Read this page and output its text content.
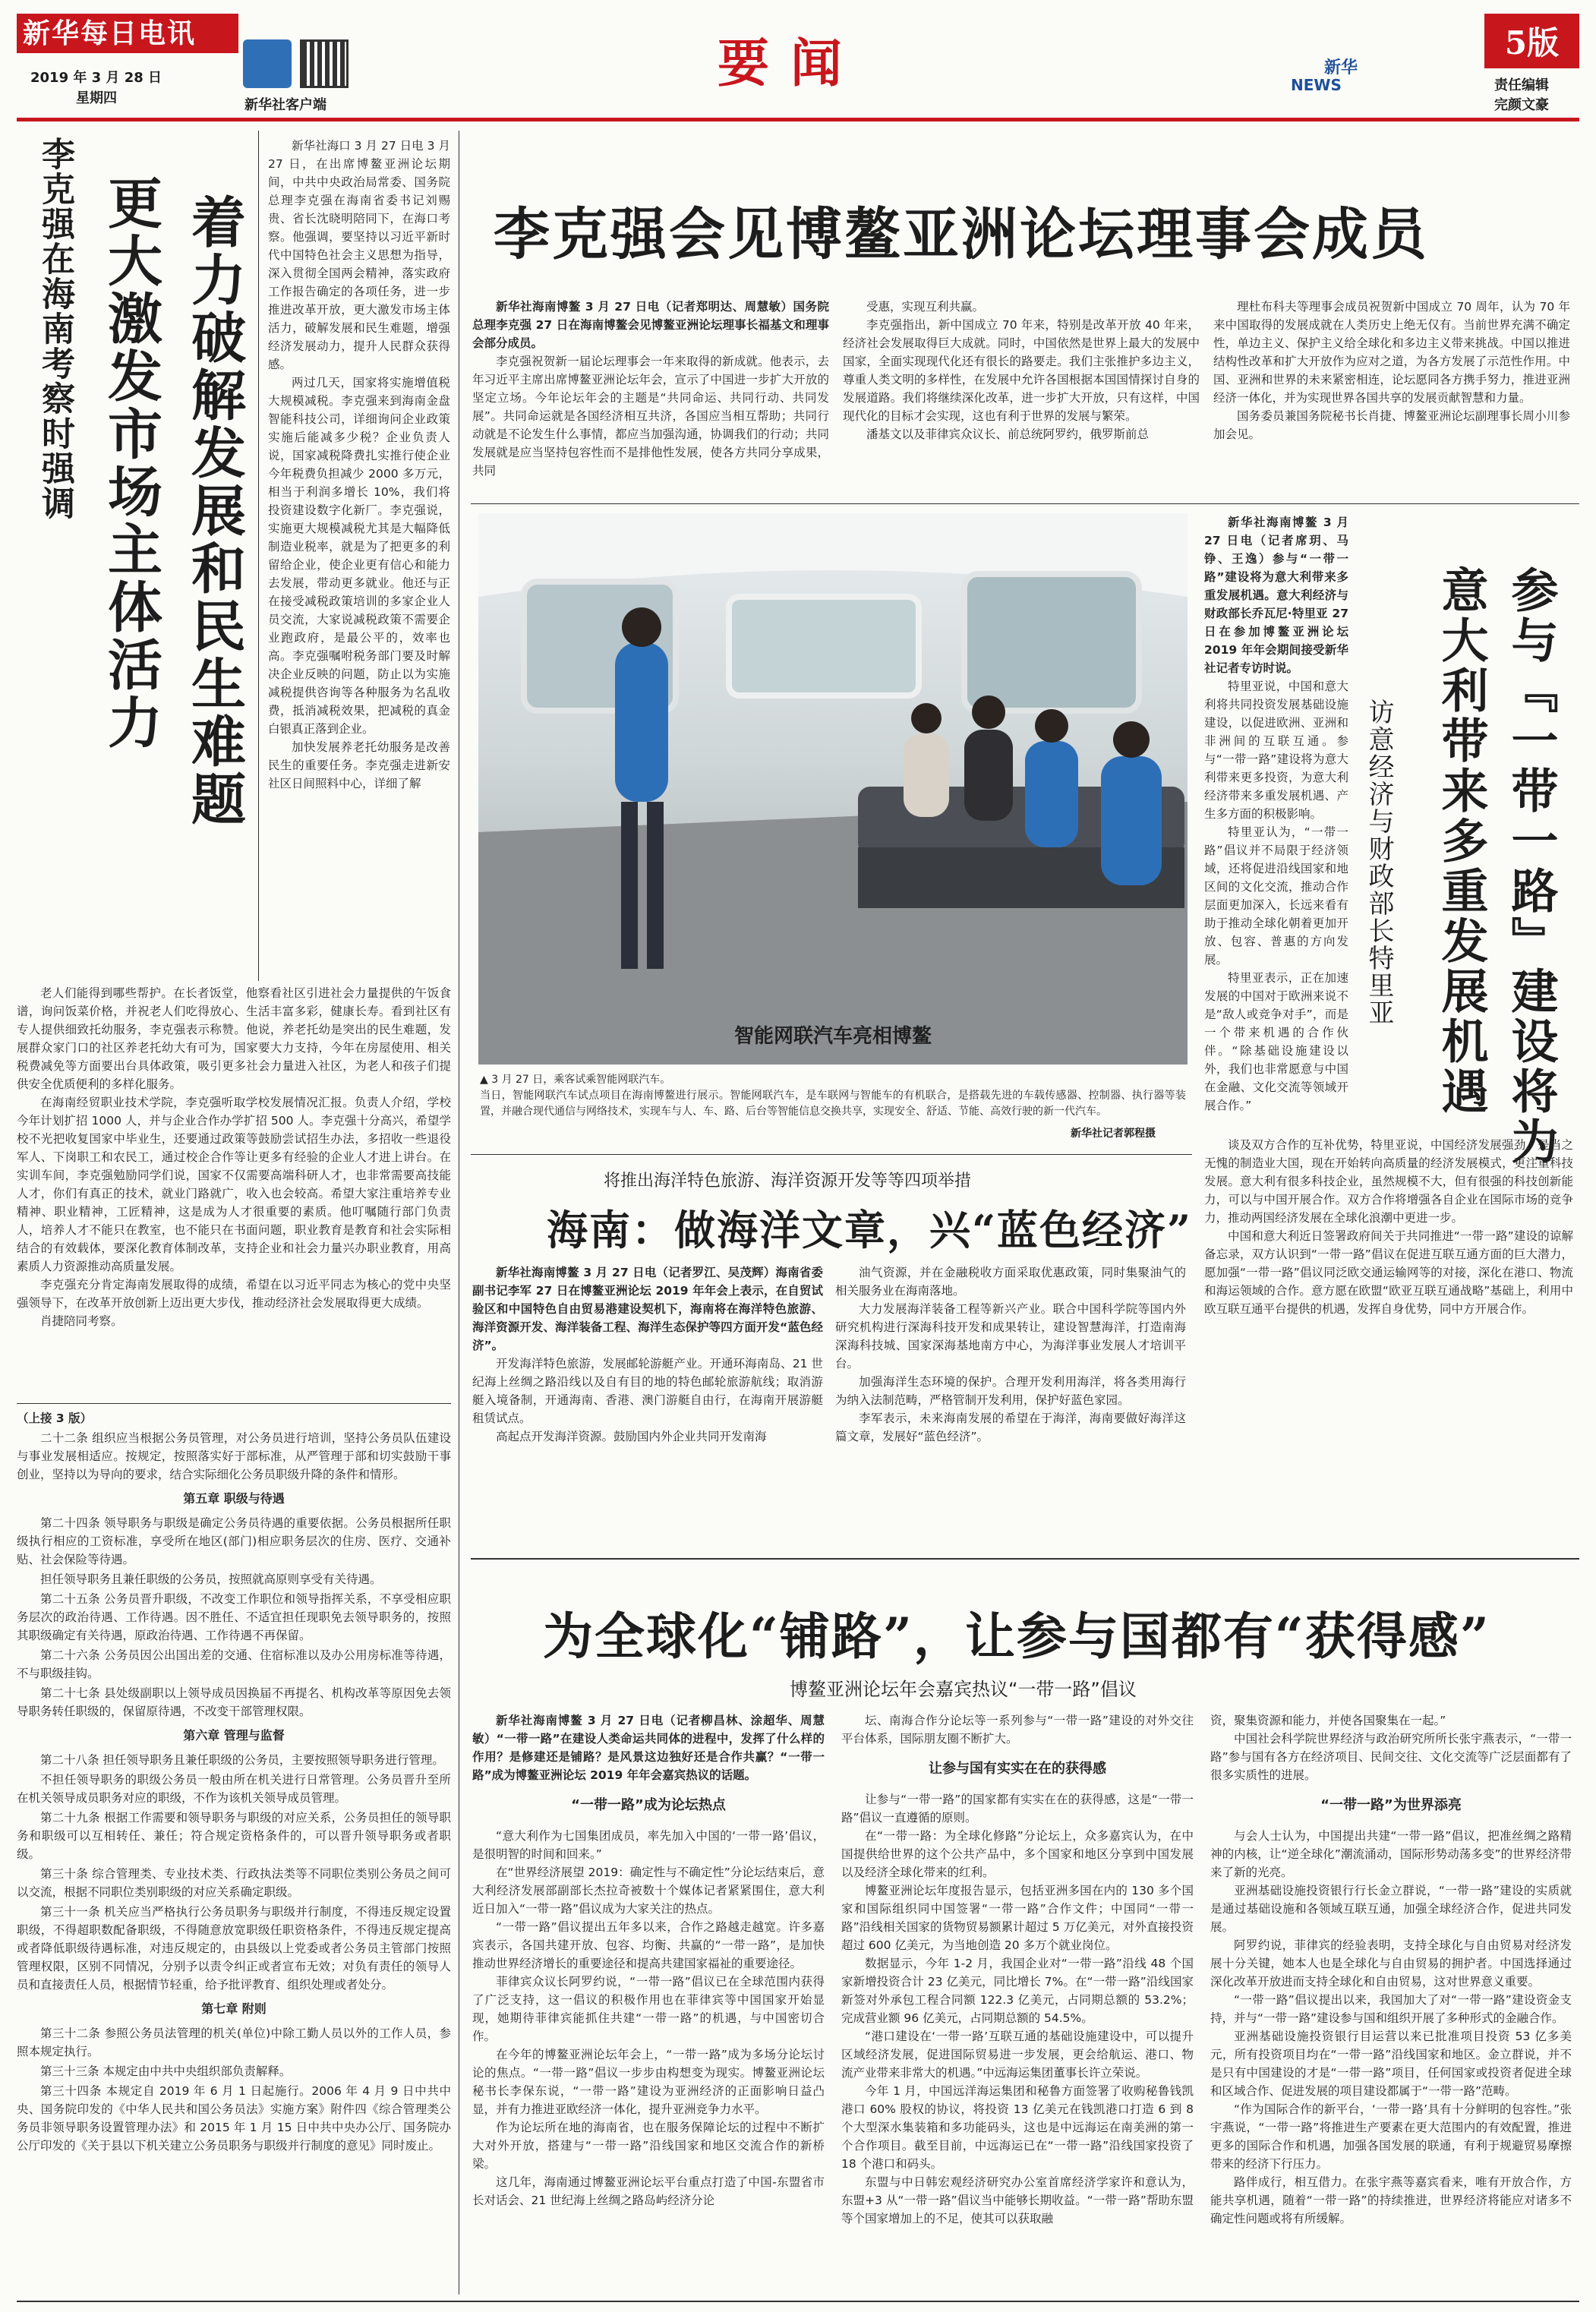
新华每日电讯
2019 年 3 月 28 日
星期四	新华社客户端
要闻	新华
NEWS
5版
责任编辑
完颜文豪
李克强在海南考察时强调 更大激发市场主体活力 着力破解发展和民生难题

新华社海口 3 月 27 日电 3 月 27 日，在出席博鳌亚洲论坛期间，中共中央政治局常委、国务院总理李克强在海南省委书记刘赐贵、省长沈晓明陪同下，在海口考察。他强调，要坚持以习近平新时代中国特色社会主义思想为指导，深入贯彻全国两会精神，落实政府工作报告确定的各项任务，进一步推进改革开放，更大激发市场主体活力，破解发展和民生难题，增强经济发展动力，提升人民群众获得感。

两过几天，国家将实施增值税大规模减税。李克强来到海南金盘智能科技公司，详细询问企业政策实施后能减多少税？企业负责人说，国家减税降费扎实推行使企业今年税费负担减少 2000 多万元，相当于利润多增长 10%，我们将投资建设数字化新厂。李克强说，实施更大规模减税尤其是大幅降低制造业税率，就是为了把更多的利留给企业，使企业更有信心和能力去发展，带动更多就业。他还与正在接受减税政策培训的多家企业人员交流，大家说减税政策不需要企业跑政府，是最公平的，效率也高。李克强嘱咐税务部门要及时解决企业反映的问题，防止以为实施减税提供咨询等各种服务为名乱收费，抵消减税效果，把减税的真金白银真正落到企业。

加快发展养老托幼服务是改善民生的重要任务。李克强走进新安社区日间照料中心，详细了解

老人们能得到哪些帮护。在长者饭堂，他察看社区引进社会力量提供的午饭食谱，询问饭菜价格，并祝老人们吃得放心、生活丰富多彩，健康长寿。看到社区有专人提供细致托幼服务，李克强表示称赞。他说，养老托幼是突出的民生难题，发展群众家门口的社区养老托幼大有可为，国家要大力支持，今年在房屋使用、相关税费减免等方面要出台具体政策，吸引更多社会力量进入社区，为老人和孩子们提供安全优质便利的多样化服务。

在海南经贸职业技术学院，李克强听取学校发展情况汇报。负责人介绍，学校今年计划扩招 1000 人，并与企业合作办学扩招 500 人。李克强十分高兴，希望学校不光把收复国家中毕业生，还要通过政策等鼓励尝试招生办法，多招收一些退役军人、下岗职工和农民工，通过校企合作等让更多有经验的企业人才进上讲台。在实训车间，李克强勉励同学们说，国家不仅需要高端科研人才，也非常需要高技能人才，你们有真正的技术，就业门路就广，收入也会较高。希望大家注重培养专业精神、职业精神，工匠精神，这是成为人才很重要的素质。他叮嘱随行部门负责人，培养人才不能只在教室，也不能只在书面问题，职业教育是教育和社会实际相结合的有效载体，要深化教育体制改革，支持企业和社会力量兴办职业教育，用高素质人力资源推动高质量发展。

李克强充分肯定海南发展取得的成绩，希望在以习近平同志为核心的党中央坚强领导下，在改革开放创新上迈出更大步伐，推动经济社会发展取得更大成绩。

肖捷陪同考察。

（上接 3 版）

二十二条 组织应当根据公务员管理，对公务员进行培训，坚持公务员队伍建设与事业发展相适应。按规定，按照落实好于部标准，从严管理于部和切实鼓励干事创业，坚持以为导向的要求，结合实际细化公务员职级升降的条件和情形。

第五章 职级与待遇

第二十四条 领导职务与职级是确定公务员待遇的重要依据。公务员根据所任职级执行相应的工资标准，享受所在地区(部门)相应职务层次的住房、医疗、交通补贴、社会保险等待遇。

担任领导职务且兼任职级的公务员，按照就高原则享受有关待遇。

第二十五条 公务员晋升职级，不改变工作职位和领导指挥关系，不享受相应职务层次的政治待遇、工作待遇。因不胜任、不适宜担任现职免去领导职务的，按照其职级确定有关待遇，原政治待遇、工作待遇不再保留。

第二十六条 公务员因公出国出差的交通、住宿标准以及办公用房标准等待遇，不与职级挂钩。

第二十七条 县处级副职以上领导成员因换届不再提名、机构改革等原因免去领导职务转任职级的，保留原待遇，不改变干部管理权限。

第六章 管理与监督

第二十八条 担任领导职务且兼任职级的公务员，主要按照领导职务进行管理。

不担任领导职务的职级公务员一般由所在机关进行日常管理。公务员晋升至所在机关领导成员职务对应的职级，不作为该机关领导成员管理。

第二十九条 根据工作需要和领导职务与职级的对应关系，公务员担任的领导职务和职级可以互相转任、兼任；符合规定资格条件的，可以晋升领导职务或者职级。

第三十条 综合管理类、专业技术类、行政执法类等不同职位类别公务员之间可以交流，根据不同职位类别职级的对应关系确定职级。

第三十一条 机关应当严格执行公务员职务与职级并行制度，不得违反规定设置职级，不得超职数配备职级，不得随意放宽职级任职资格条件，不得违反规定提高或者降低职级待遇标准，对违反规定的，由县级以上党委或者公务员主管部门按照管理权限，区别不同情况，分别予以责令纠正或者宣布无效；对负有责任的领导人员和直接责任人员，根据情节轻重，给予批评教育、组织处理或者处分。

第七章 附则

第三十二条 参照公务员法管理的机关(单位)中除工勤人员以外的工作人员，参照本规定执行。

第三十三条 本规定由中共中央组织部负责解释。

第三十四条 本规定自 2019 年 6 月 1 日起施行。2006 年 4 月 9 日中共中央、国务院印发的《中华人民共和国公务员法》实施方案》附件四《综合管理类公务员非领导职务设置管理办法》和 2015 年 1 月 15 日中共中央办公厅、国务院办公厅印发的《关于县以下机关建立公务员职务与职级并行制度的意见》同时废止。

李克强会见博鳌亚洲论坛理事会成员

新华社海南博鳌 3 月 27 日电（记者郑明达、周慧敏）国务院总理李克强 27 日在海南博鳌会见博鳌亚洲论坛理事长福基文和理事会部分成员。

李克强祝贺新一届论坛理事会一年来取得的新成就。他表示，去年习近平主席出席博鳌亚洲论坛年会，宣示了中国进一步扩大开放的坚定立场。今年论坛年会的主题是“共同命运、共同行动、共同发展”。共同命运就是各国经济相互共济，各国应当相互帮助；共同行动就是不论发生什么事情，都应当加强沟通，协调我们的行动；共同发展就是应当坚持包容性而不是排他性发展，使各方共同分享成果，共同

受惠，实现互利共赢。

李克强指出，新中国成立 70 年来，特别是改革开放 40 年来，经济社会发展取得巨大成就。同时，中国依然是世界上最大的发展中国家，全面实现现代化还有很长的路要走。我们主张推护多边主义，尊重人类文明的多样性，在发展中允许各国根据本国国情探讨自身的发展道路。我们将继续深化改革，进一步扩大开放，只有这样，中国现代化的目标才会实现，这也有利于世界的发展与繁荣。

潘基文以及菲律宾众议长、前总统阿罗约，俄罗斯前总

理杜布科夫等理事会成员祝贺新中国成立 70 周年，认为 70 年来中国取得的发展成就在人类历史上绝无仅有。当前世界充满不确定性，单边主义、保护主义给全球化和多边主义带来挑战。中国以推进结构性改革和扩大开放作为应对之道，为各方发展了示范性作用。中国、亚洲和世界的未来紧密相连，论坛愿同各方携手努力，推进亚洲经济一体化，并为实现世界各国共享的发展贡献智慧和力量。

国务委员兼国务院秘书长肖捷、博鳌亚洲论坛副理事长周小川参加会见。

智能网联汽车亮相博鳌

▲ 3 月 27 日，乘客试乘智能网联汽车。
当日，智能网联汽车试点项目在海南博鳌进行展示。智能网联汽车，是车联网与智能车的有机联合，是搭载先进的车载传感器、控制器、执行器等装置，并融合现代通信与网络技术，实现车与人、车、路、后台等智能信息交换共享，实现安全、舒适、节能、高效行驶的新一代汽车。

新华社记者郭程摄

新华社海南博鳌 3 月 27 日电（记者席玥、马铮、王逸）参与“一带一路”建设将为意大利带来多重发展机遇。意大利经济与财政部长乔瓦尼·特里亚 27 日在参加博鳌亚洲论坛 2019 年年会期间接受新华社记者专访时说。

特里亚说，中国和意大利将共同投资发展基础设施建设，以促进欧洲、亚洲和非洲间的互联互通。参与“一带一路”建设将为意大利带来更多投资，为意大利经济带来多重发展机遇、产生多方面的积极影响。

特里亚认为，“一带一路”倡议并不局限于经济领域，还将促进沿线国家和地区间的文化交流，推动合作层面更加深入，长远来看有助于推动全球化朝着更加开放、包容、普惠的方向发展。

特里亚表示，正在加速发展的中国对于欧洲来说不是“敌人或竞争对手”，而是一个带来机遇的合作伙伴。“除基础设施建设以外，我们也非常愿意与中国在金融、文化交流等领域开展合作。”

访意经济与财政部长特里亚	参与『一带一路』建设将为意大利带来多重发展机遇

谈及双方合作的互补优势，特里亚说，中国经济发展强劲，是当之无愧的制造业大国，现在开始转向高质量的经济发展模式，更注重科技发展。意大利有很多科技企业，虽然规模不大，但有很强的科技创新能力，可以与中国开展合作。双方合作将增强各自企业在国际市场的竞争力，推动两国经济发展在全球化浪潮中更进一步。

中国和意大利近日签署政府间关于共同推进“一带一路”建设的谅解备忘录，双方认识到“一带一路”倡议在促进互联互通方面的巨大潜力，愿加强“一带一路”倡议同泛欧交通运输网等的对接，深化在港口、物流和海运领域的合作。意方愿在欧盟“欧亚互联互通战略”基础上，利用中欧互联互通平台提供的机遇，发挥自身优势，同中方开展合作。

将推出海洋特色旅游、海洋资源开发等等四项举措
海南：做海洋文章，兴“蓝色经济”

新华社海南博鳌 3 月 27 日电（记者罗江、吴茂辉）海南省委副书记李军 27 日在博鳌亚洲论坛 2019 年年会上表示，在自贸试验区和中国特色自由贸易港建设契机下，海南将在海洋特色旅游、海洋资源开发、海洋装备工程、海洋生态保护等四方面开发“蓝色经济”。

开发海洋特色旅游，发展邮轮游艇产业。开通环海南岛、21 世纪海上丝绸之路沿线以及自有目的地的特色邮轮旅游航线；取消游艇入境备制，开通海南、香港、澳门游艇自由行，在海南开展游艇租赁试点。

高起点开发海洋资源。鼓励国内外企业共同开发南海

油气资源，并在金融税收方面采取优惠政策，同时集聚油气的相关服务业在海南落地。

大力发展海洋装备工程等新兴产业。联合中国科学院等国内外研究机构进行深海科技开发和成果转让，建设智慧海洋，打造南海深海科技城、国家深海基地南方中心，为海洋事业发展人才培训平台。

加强海洋生态环境的保护。合理开发利用海洋，将各类用海行为纳入法制范畴，严格管制开发利用，保护好蓝色家园。

李军表示，未来海南发展的希望在于海洋，海南要做好海洋这篇文章，发展好“蓝色经济”。

为全球化“铺路”，让参与国都有“获得感”
博鳌亚洲论坛年会嘉宾热议“一带一路”倡议

新华社海南博鳌 3 月 27 日电（记者柳昌林、涂超华、周慧敏）“一带一路”在建设人类命运共同体的进程中，发挥了什么样的作用？是修建还是铺路？是风景这边独好还是合作共赢？“一带一路”成为博鳌亚洲论坛 2019 年年会嘉宾热议的话题。

“一带一路”成为论坛热点

“意大利作为七国集团成员，率先加入中国的‘一带一路’倡议，是很明智的时间和回来。”

在“世界经济展望 2019：确定性与不确定性”分论坛结束后，意大利经济发展部副部长杰拉奇被数十个媒体记者紧紧围住，意大利近日加入“一带一路”倡议成为大家关注的热点。

“一带一路”倡议提出五年多以来，合作之路越走越宽。许多嘉宾表示，各国共建开放、包容、均衡、共赢的“一带一路”，是加快推动世界经济增长的重要途径和提高共建国家福祉的重要途径。

菲律宾众议长阿罗约说，“一带一路”倡议已在全球范围内获得了广泛支持，这一倡议的积极作用也在菲律宾等中国国家开始显现，她期待菲律宾能抓住共建“一带一路”的机遇，与中国密切合作。

在今年的博鳌亚洲论坛年会上，“一带一路”成为多场分论坛讨论的焦点。“一带一路”倡议一步步由构想变为现实。博鳌亚洲论坛秘书长李保东说，“一带一路”建设为亚洲经济的正面影响日益凸显，并有力推进亚欧经济一体化，提升亚洲竞争力水平。

作为论坛所在地的海南省，也在服务保障论坛的过程中不断扩大对外开放，搭建与“一带一路”沿线国家和地区交流合作的新桥梁。

这几年，海南通过博鳌亚洲论坛平台重点打造了中国-东盟省市长对话会、21 世纪海上丝绸之路岛屿经济分论

坛、南海合作分论坛等一系列参与“一带一路”建设的对外交往平台体系，国际朋友圈不断扩大。

让参与国有实实在在的获得感

让参与“一带一路”的国家都有实实在在的获得感，这是“一带一路”倡议一直遵循的原则。

在“一带一路：为全球化修路”分论坛上，众多嘉宾认为，在中国提供给世界的这个公共产品中，多个国家和地区分享到中国发展以及经济全球化带来的红利。

博鳌亚洲论坛年度报告显示，包括亚洲多国在内的 130 多个国家和国际组织同中国签署“一带一路”合作文件；中国同“一带一路”沿线相关国家的货物贸易额累计超过 5 万亿美元，对外直接投资超过 600 亿美元，为当地创造 20 多万个就业岗位。

数据显示，今年 1-2 月，我国企业对“一带一路”沿线 48 个国家新增投资合计 23 亿美元，同比增长 7%。在“一带一路”沿线国家新签对外承包工程合同额 122.3 亿美元，占同期总额的 53.2%；完成营业额 96 亿美元，占同期总额的 54.5%。

“港口建设在‘一带一路’互联互通的基础设施建设中，可以提升区域经济发展，促进国际贸易进一步发展，更会给航运、港口、物流产业带来非常大的机遇。”中远海运集团董事长许立荣说。

今年 1 月，中国远洋海运集团和秘鲁方面签署了收购秘鲁钱凯港口 60% 股权的协议，将投资 13 亿美元在钱凯港口打造 6 到 8 个大型深水集装箱和多功能码头，这也是中远海运在南美洲的第一个合作项目。截至目前，中远海运已在“一带一路”沿线国家投资了 18 个港口和码头。

东盟与中日韩宏观经济研究办公室首席经济学家许和意认为，东盟+3 从“一带一路”倡议当中能够长期收益。“一带一路”帮助东盟等个国家增加上的不足，使其可以获取融

资，聚集资源和能力，并使各国聚集在一起。”

中国社会科学院世界经济与政治研究所所长张宇燕表示，“一带一路”参与国有各方在经济项目、民间交往、文化交流等广泛层面都有了很多实质性的进展。

“一带一路”为世界添亮

与会人士认为，中国提出共建“一带一路”倡议，把准丝绸之路精神的内核，让“逆全球化”潮流涌动，国际形势动荡多变”的世界经济带来了新的光亮。

亚洲基础设施投资银行行长金立群说，“一带一路”建设的实质就是通过基础设施和各领域互联互通，加强全球经济合作，促进共同发展。

阿罗约说，菲律宾的经验表明，支持全球化与自由贸易对经济发展十分关键，她本人也是全球化与自由贸易的拥护者。中国选择通过深化改革开放进而支持全球化和自由贸易，这对世界意义重要。

“一带一路”倡议提出以来，我国加大了对“一带一路”建设资金支持，并与“一带一路”建设参与国和组织开展了多种形式的金融合作。

亚洲基础设施投资银行目运营以来已批准项目投资 53 亿多美元，所有投资项目均在“一带一路”沿线国家和地区。金立群说，并不是只有中国建设的才是“一带一路”项目，任何国家或投资者促进全球和区域合作、促进发展的项目建设都属于“一带一路”范畴。

“作为国际合作的新平台，‘一带一路’具有十分鲜明的包容性。”张宇燕说，“一带一路”将推进生产要素在更大范围内的有效配置，推进更多的国际合作和机遇，加强各国发展的联通，有利于规避贸易摩擦带来的经济下行压力。

路伴成行，相互借力。在张宇燕等嘉宾看来，唯有开放合作，方能共享机遇，随着“一带一路”的持续推进，世界经济将能应对诸多不确定性问题或将有所缓解。
